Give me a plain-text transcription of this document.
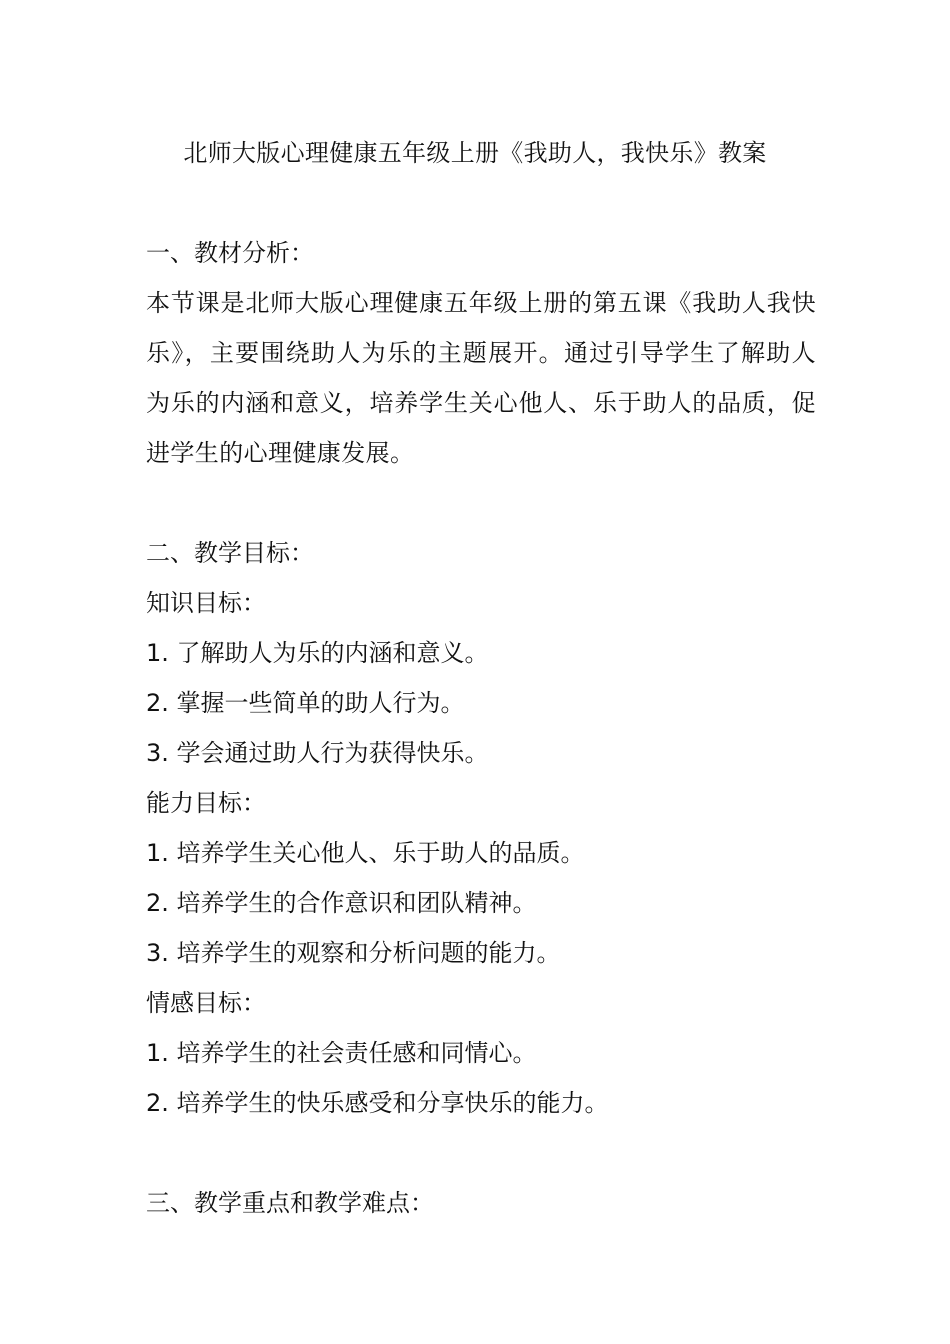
北师大版心理健康五年级上册《我助人，我快乐》教案
一、教材分析：

本节课是北师大版心理健康五年级上册的第五课《我助人我快乐》，主要围绕助人为乐的主题展开。通过引导学生了解助人为乐的内涵和意义，培养学生关心他人、乐于助人的品质，促进学生的心理健康发展。

二、教学目标：
知识目标：
1. 了解助人为乐的内涵和意义。
2. 掌握一些简单的助人行为。
3. 学会通过助人行为获得快乐。
能力目标：
1. 培养学生关心他人、乐于助人的品质。
2. 培养学生的合作意识和团队精神。
3. 培养学生的观察和分析问题的能力。
情感目标：
1. 培养学生的社会责任感和同情心。
2. 培养学生的快乐感受和分享快乐的能力。
三、教学重点和教学难点：
